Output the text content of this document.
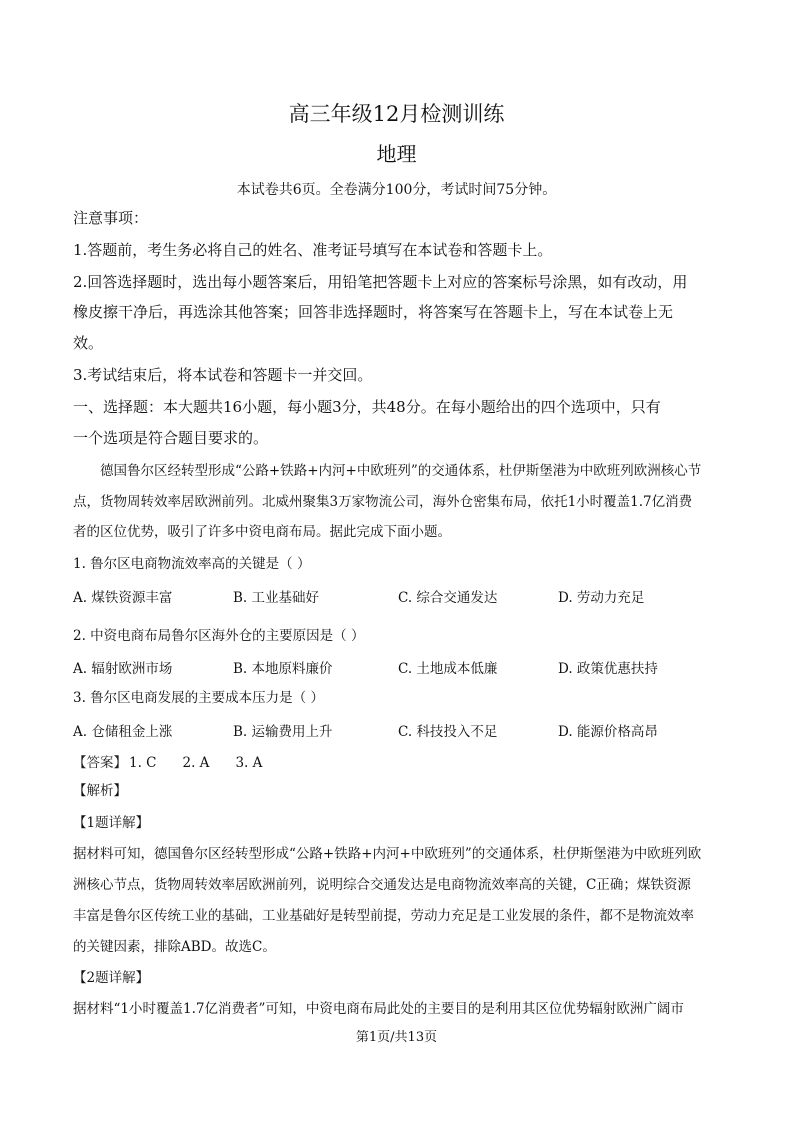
高三年级12月检测训练
地理
本试卷共6页。全卷满分100分，考试时间75分钟。
注意事项：
1.答题前，考生务必将自己的姓名、准考证号填写在本试卷和答题卡上。
2.回答选择题时，选出每小题答案后，用铅笔把答题卡上对应的答案标号涂黑，如有改动，用
橡皮擦干净后，再选涂其他答案；回答非选择题时，将答案写在答题卡上，写在本试卷上无
效。
3.考试结束后，将本试卷和答题卡一并交回。
一、选择题：本大题共16小题，每小题3分，共48分。在每小题给出的四个选项中，只有
一个选项是符合题目要求的。
德国鲁尔区经转型形成“公路+铁路+内河+中欧班列”的交通体系，杜伊斯堡港为中欧班列欧洲核心节
点，货物周转效率居欧洲前列。北威州聚集3万家物流公司，海外仓密集布局，依托1小时覆盖1.7亿消费
者的区位优势，吸引了许多中资电商布局。据此完成下面小题。
1. 鲁尔区电商物流效率高的关键是（ ）
A. 煤铁资源丰富	B. 工业基础好	C. 综合交通发达	D. 劳动力充足
2. 中资电商布局鲁尔区海外仓的主要原因是（ ）
A. 辐射欧洲市场	B. 本地原料廉价	C. 土地成本低廉	D. 政策优惠扶持
3. 鲁尔区电商发展的主要成本压力是（ ）
A. 仓储租金上涨	B. 运输费用上升	C. 科技投入不足	D. 能源价格高昂
【答案】 1. C 2. A 3. A
【解析】
【1题详解】
据材料可知，德国鲁尔区经转型形成“公路+铁路+内河+中欧班列”的交通体系，杜伊斯堡港为中欧班列欧
洲核心节点，货物周转效率居欧洲前列，说明综合交通发达是电商物流效率高的关键，C正确；煤铁资源
丰富是鲁尔区传统工业的基础，工业基础好是转型前提，劳动力充足是工业发展的条件，都不是物流效率
的关键因素，排除ABD。故选C。
【2题详解】
据材料“1小时覆盖1.7亿消费者”可知，中资电商布局此处的主要目的是利用其区位优势辐射欧洲广阔市
第1页/共13页
